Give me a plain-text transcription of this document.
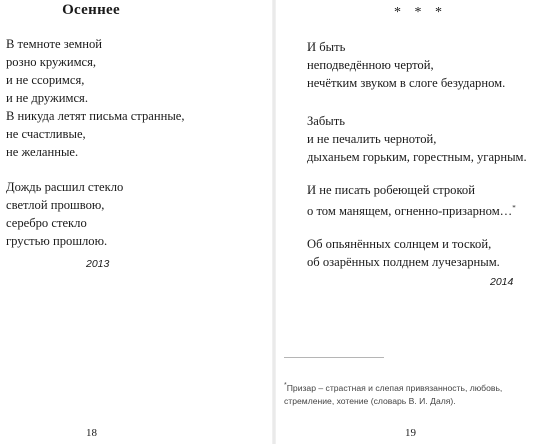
Осеннее
В темноте земной
розно кружимся,
и не ссоримся,
и не дружимся.
В никуда летят письма странные,
не счастливые,
не желанные.
Дождь расшил стекло
светлой прошвою,
серебро стекло
грустью прошлою.
2013
18
* * *
И быть
неподведённою чертой,
нечётким звуком в слоге безударном.
Забыть
и не печалить чернотой,
дыханьем горьким, горестным, угарным.
И не писать робеющей строкой
о том манящем, огненно-призарном…*
Об опьянённых солнцем и тоской,
об озарённых полднем лучезарным.
2014
*Призар – страстная и слепая привязанность, любовь, стремление, хотение (словарь В. И. Даля).
19
